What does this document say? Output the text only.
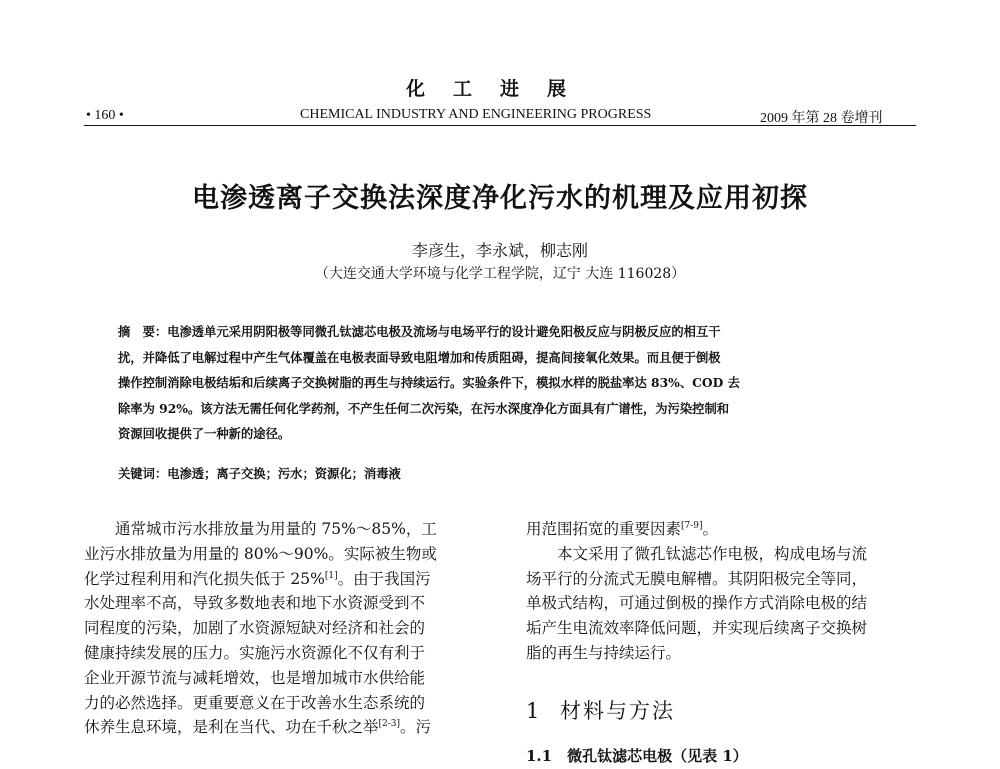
化工进展
• 160 •	CHEMICAL INDUSTRY AND ENGINEERING PROGRESS	2009 年第 28 卷增刊
电渗透离子交换法深度净化污水的机理及应用初探
李彦生，李永斌，柳志刚
（大连交通大学环境与化学工程学院，辽宁 大连 116028）
摘　要：电渗透单元采用阴阳极等同微孔钛滤芯电极及流场与电场平行的设计避免阳极反应与阴极反应的相互干
扰，并降低了电解过程中产生气体覆盖在电极表面导致电阻增加和传质阻碍，提高间接氧化效果。而且便于倒极
操作控制消除电极结垢和后续离子交换树脂的再生与持续运行。实验条件下，模拟水样的脱盐率达 83%、COD 去
除率为 92%。该方法无需任何化学药剂，不产生任何二次污染，在污水深度净化方面具有广谱性，为污染控制和
资源回收提供了一种新的途径。
关键词：电渗透；离子交换；污水；资源化；消毒液
通常城市污水排放量为用量的 75%～85%，工
业污水排放量为用量的 80%～90%。实际被生物或
化学过程利用和汽化损失低于 25%[1]。由于我国污
水处理率不高，导致多数地表和地下水资源受到不
同程度的污染，加剧了水资源短缺对经济和社会的
健康持续发展的压力。实施污水资源化不仅有利于
企业开源节流与减耗增效，也是增加城市水供给能
力的必然选择。更重要意义在于改善水生态系统的
休养生息环境，是利在当代、功在千秋之举[2-3]。污
用范围拓宽的重要因素[7-9]。
本文采用了微孔钛滤芯作电极，构成电场与流
场平行的分流式无膜电解槽。其阴阳极完全等同，
单极式结构，可通过倒极的操作方式消除电极的结
垢产生电流效率降低问题，并实现后续离子交换树
脂的再生与持续运行。
1 材料与方法
1.1　微孔钛滤芯电极（见表 1）
